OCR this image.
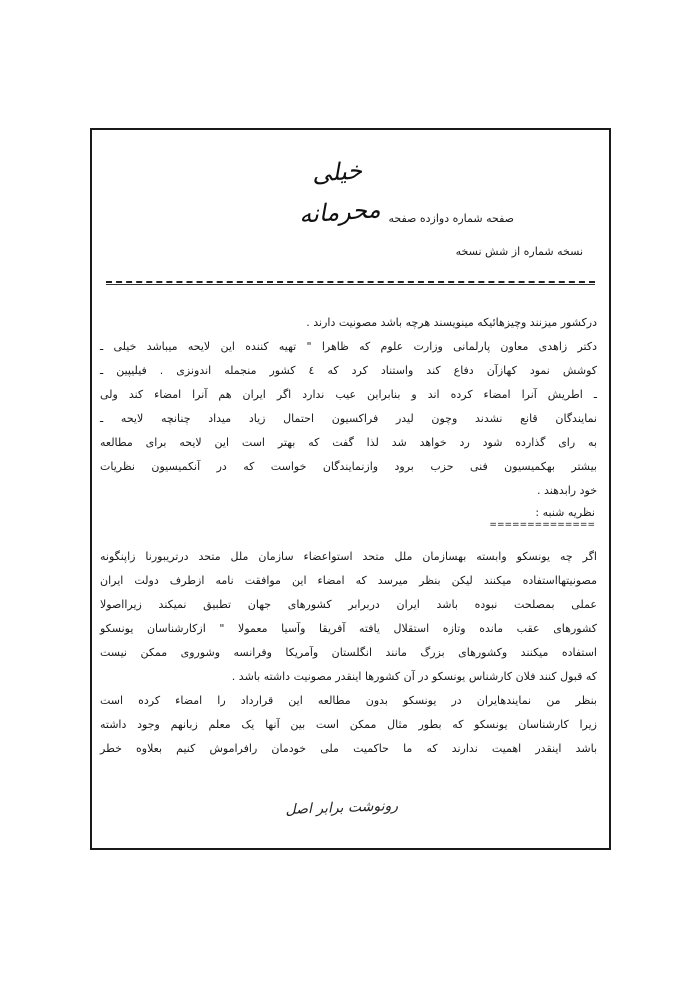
خیلی محرمانه صفحه شماره دوازده صفحه
نسخه شماره از شش نسخه
درکشور میزنند وچیزهائیکه مینویسند هرچه باشد مصونیت دارند .
دکتر زاهدی معاون پارلمانی وزارت علوم که ظاهرا " تهیه کننده این لایحه میباشد خیلی ـ
کوشش نمود کهازآن دفاع کند واستناد کرد که ٤ کشور منجمله اندونزی . فیلیپین ـ
ـ اطریش آنرا امضاء کرده اند و بنابراین عیب ندارد اگر ایران هم آنرا امضاء کند ولی
نمایندگان قانع نشدند وچون لیدر فراکسیون احتمال زیاد میداد چنانچه لایحه ـ
به رای گذارده شود رد خواهد شد لذا گفت که بهتر است این لایحه برای مطالعه
بیشتر بهکمیسیون فنی حزب برود وازنمایندگان خواست که در آنکمیسیون نظریات
خود رابدهند .
نظریه شنبه :
==============
اگر چه یونسکو وابسته بهسازمان ملل متحد استواعضاء سازمان ملل متحد درتریبورنا زاپنگونه
مصونیتهااستفاده میکنند لیکن بنظر میرسد که امضاء این موافقت نامه ازطرف دولت ایران
عملی بمصلحت نبوده باشد ایران دربرابر کشورهای جهان تطبیق نمیکند زیرااصولا
کشورهای عقب مانده وتازه استقلال یافته آفریقا وآسیا معمولا " ازکارشناسان یونسکو
استفاده میکنند وکشورهای بزرگ مانند انگلستان وآمریکا وفرانسه وشوروی ممکن نیست
که قبول کنند فلان کارشناس یونسکو در آن کشورها اینقدر مصونیت داشته باشد .
بنظر من نمایندهایران در یونسکو بدون مطالعه این قرارداد را امضاء کرده است
زیرا کارشناسان یونسکو که بطور مثال ممکن است بین آنها یک معلم زبانهم وجود داشته
باشد اینقدر اهمیت ندارند که ما حاکمیت ملی خودمان رافراموش کنیم بعلاوه خطر
رونوشت برابر اصل
